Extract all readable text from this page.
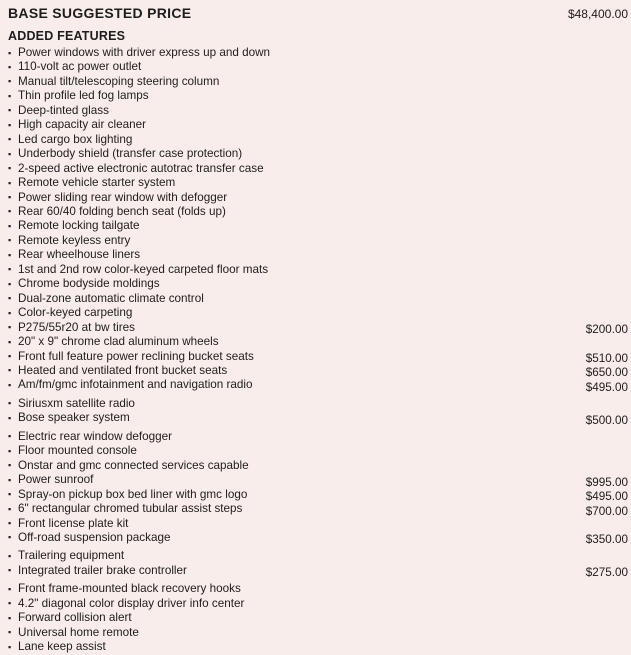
BASE SUGGESTED PRICE	$48,400.00
ADDED FEATURES
▪ Power windows with driver express up and down
▪ 110-volt ac power outlet
▪ Manual tilt/telescoping steering column
▪ Thin profile led fog lamps
▪ Deep-tinted glass
▪ High capacity air cleaner
▪ Led cargo box lighting
▪ Underbody shield (transfer case protection)
▪ 2-speed active electronic autotrac transfer case
▪ Remote vehicle starter system
▪ Power sliding rear window with defogger
▪ Rear 60/40 folding bench seat (folds up)
▪ Remote locking tailgate
▪ Remote keyless entry
▪ Rear wheelhouse liners
▪ 1st and 2nd row color-keyed carpeted floor mats
▪ Chrome bodyside moldings
▪ Dual-zone automatic climate control
▪ Color-keyed carpeting
▪ P275/55r20 at bw tires	$200.00
▪ 20" x 9" chrome clad aluminum wheels
▪ Front full feature power reclining bucket seats	$510.00
▪ Heated and ventilated front bucket seats	$650.00
▪ Am/fm/gmc infotainment and navigation radio	$495.00
▪ Siriusxm satellite radio
▪ Bose speaker system	$500.00
▪ Electric rear window defogger
▪ Floor mounted console
▪ Onstar and gmc connected services capable
▪ Power sunroof	$995.00
▪ Spray-on pickup box bed liner with gmc logo	$495.00
▪ 6" rectangular chromed tubular assist steps	$700.00
▪ Front license plate kit
▪ Off-road suspension package	$350.00
▪ Trailering equipment
▪ Integrated trailer brake controller	$275.00
▪ Front frame-mounted black recovery hooks
▪ 4.2" diagonal color display driver info center
▪ Forward collision alert
▪ Universal home remote
▪ Lane keep assist
